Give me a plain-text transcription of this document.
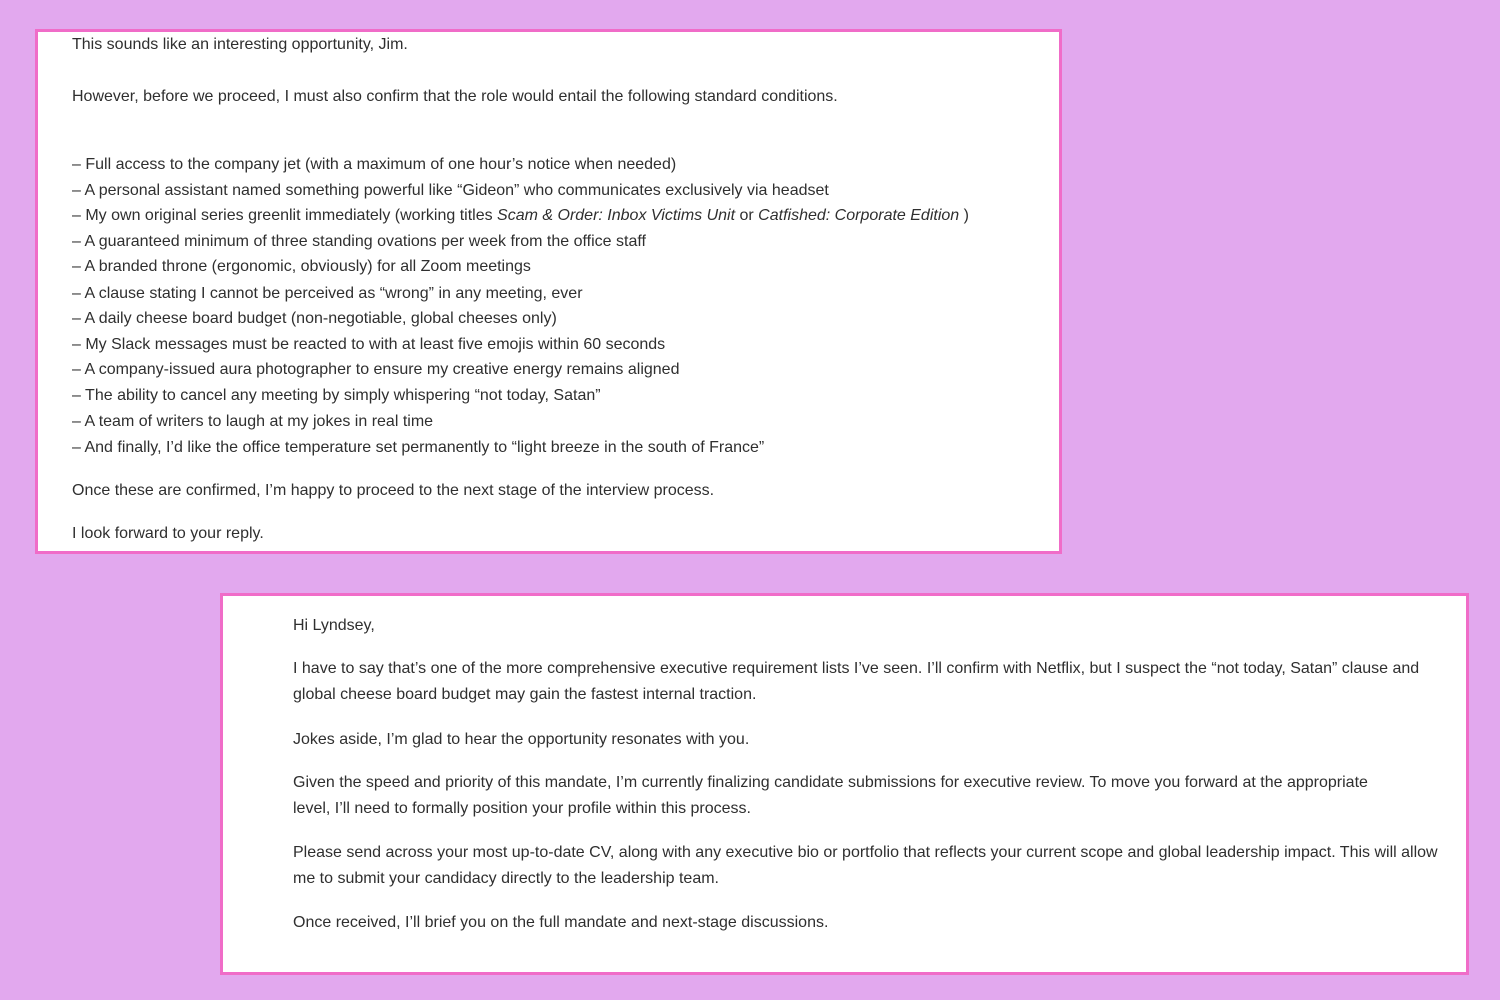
This sounds like an interesting opportunity, Jim.
However, before we proceed, I must also confirm that the role would entail the following standard conditions.
– Full access to the company jet (with a maximum of one hour’s notice when needed)
– A personal assistant named something powerful like “Gideon” who communicates exclusively via headset
– My own original series greenlit immediately (working titles Scam & Order: Inbox Victims Unit or Catfished: Corporate Edition )
– A guaranteed minimum of three standing ovations per week from the office staff
– A branded throne (ergonomic, obviously) for all Zoom meetings
– A clause stating I cannot be perceived as “wrong” in any meeting, ever
– A daily cheese board budget (non-negotiable, global cheeses only)
– My Slack messages must be reacted to with at least five emojis within 60 seconds
– A company-issued aura photographer to ensure my creative energy remains aligned
– The ability to cancel any meeting by simply whispering “not today, Satan”
– A team of writers to laugh at my jokes in real time
– And finally, I’d like the office temperature set permanently to “light breeze in the south of France”
Once these are confirmed, I’m happy to proceed to the next stage of the interview process.
I look forward to your reply.
Hi Lyndsey,

I have to say that’s one of the more comprehensive executive requirement lists I’ve seen. I’ll confirm with Netflix, but I suspect the “not today, Satan” clause and global cheese board budget may gain the fastest internal traction.

Jokes aside, I’m glad to hear the opportunity resonates with you.

Given the speed and priority of this mandate, I’m currently finalizing candidate submissions for executive review. To move you forward at the appropriate level, I’ll need to formally position your profile within this process.

Please send across your most up-to-date CV, along with any executive bio or portfolio that reflects your current scope and global leadership impact. This will allow me to submit your candidacy directly to the leadership team.

Once received, I’ll brief you on the full mandate and next-stage discussions.
